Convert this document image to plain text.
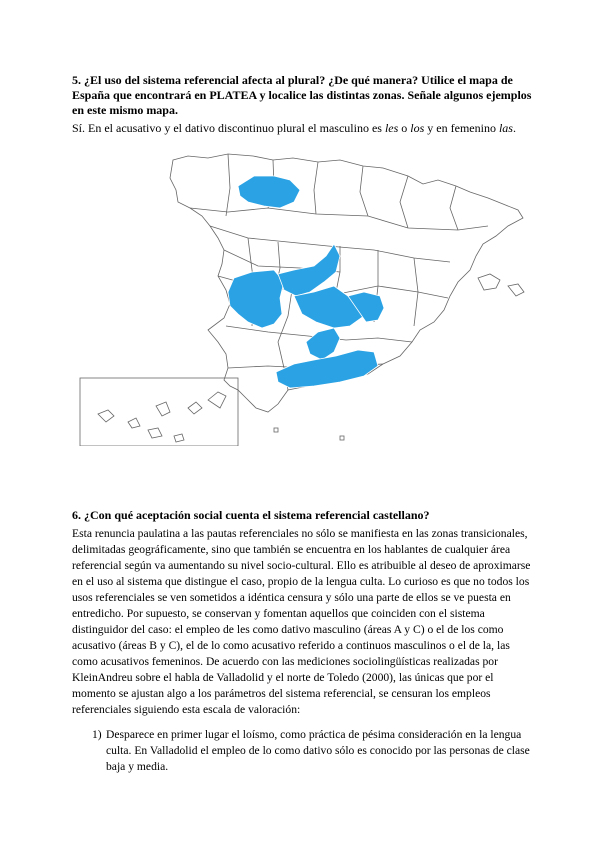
5. ¿El uso del sistema referencial afecta al plural? ¿De qué manera? Utilice el mapa de España que encontrará en PLATEA y localice las distintas zonas. Señale algunos ejemplos en este mismo mapa.

Sí. En el acusativo y el dativo discontinuo plural el masculino es les o los y en femenino las.

6. ¿Con qué aceptación social cuenta el sistema referencial castellano?

Esta renuncia paulatina a las pautas referenciales no sólo se manifiesta en las zonas transicionales, delimitadas geográficamente, sino que también se encuentra en los hablantes de cualquier área referencial según va aumentando su nivel socio-cultural. Ello es atribuible al deseo de aproximarse en el uso al sistema que distingue el caso, propio de la lengua culta. Lo curioso es que no todos los usos referenciales se ven sometidos a idéntica censura y sólo una parte de ellos se ve puesta en entredicho. Por supuesto, se conservan y fomentan aquellos que coinciden con el sistema distinguidor del caso: el empleo de les como dativo masculino (áreas A y C) o el de los como acusativo (áreas B y C), el de lo como acusativo referido a continuos masculinos o el de la, las como acusativos femeninos. De acuerdo con las mediciones sociolingüísticas realizadas por KleinAndreu sobre el habla de Valladolid y el norte de Toledo (2000), las únicas que por el momento se ajustan algo a los parámetros del sistema referencial, se censuran los empleos referenciales siguiendo esta escala de valoración:

1) Desparece en primer lugar el loísmo, como práctica de pésima consideración en la lengua culta. En Valladolid el empleo de lo como dativo sólo es conocido por las personas de clase baja y media.
